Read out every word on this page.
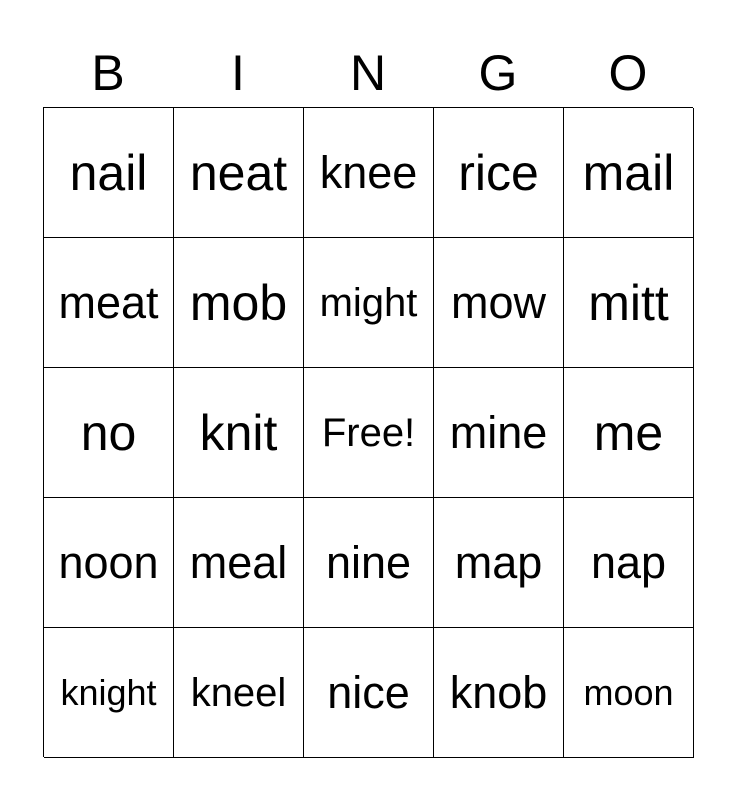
B	I	N	G	O
nail neat knee rice mail
meat mob might mow mitt
no	knit	Free! mine me
noon meal nine map	nap
knight kneel nice knob	moon
